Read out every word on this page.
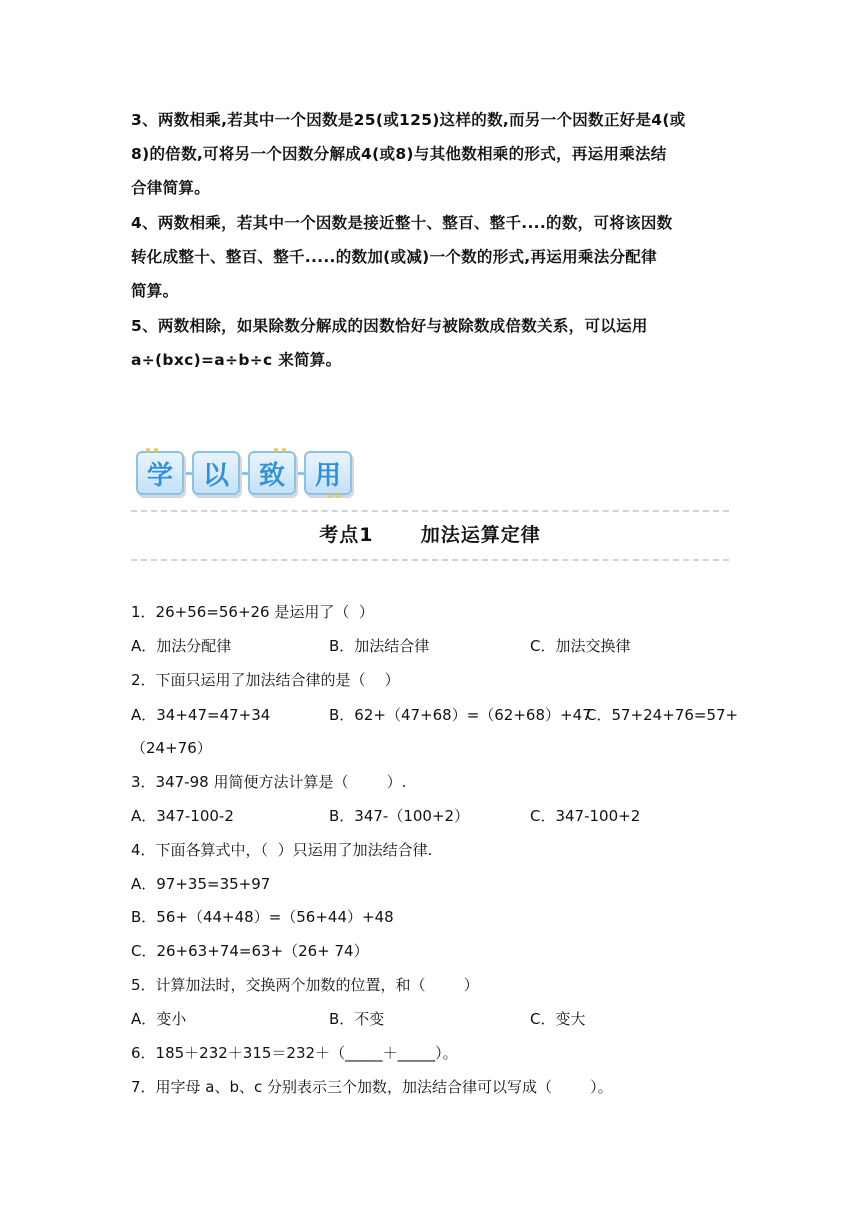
3、两数相乘,若其中一个因数是25(或125)这样的数,而另一个因数正好是4(或
8)的倍数,可将另一个因数分解成4(或8)与其他数相乘的形式，再运用乘法结
合律简算。
4、两数相乘，若其中一个因数是接近整十、整百、整千....的数，可将该因数
转化成整十、整百、整千.....的数加(或减)一个数的形式,再运用乘法分配律
简算。
5、两数相除，如果除数分解成的因数恰好与被除数成倍数关系，可以运用
a÷(bxc)=a÷b÷c 来简算。
学 以 致 用
考点1 加法运算定律

1．26+56=56+26 是运用了（  ）

A．加法分配律	B．加法结合律	C．加法交换律

2．下面只运用了加法结合律的是（    ）

A．34+47=47+34	B．62+（47+68）=（62+68）+47
C．57+24+76=57+
（24+76）

3．347-98 用简便方法计算是（        ）.

A．347-100-2	B．347-（100+2）	C．347-100+2

4．下面各算式中，（  ）只运用了加法结合律.

A．97+35=35+97
B．56+（44+48）=（56+44）+48
C．26+63+74=63+（26+ 74）

5．计算加法时，交换两个加数的位置，和（        ）

A．变小	B．不变	C．变大

6．185＋232＋315＝232＋（_____＋_____）。

7．用字母 a、b、c 分别表示三个加数，加法结合律可以写成（        ）。
